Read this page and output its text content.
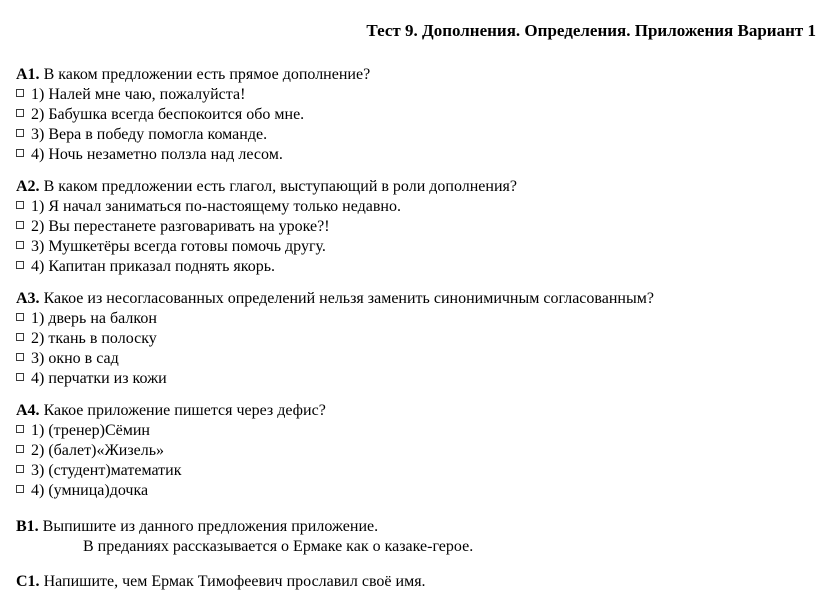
Тест 9. Дополнения. Определения. Приложения Вариант 1

А1. В каком предложении есть прямое дополнение?

1) Налей мне чаю, пожалуйста!
2) Бабушка всегда беспокоится обо мне.
3) Вера в победу помогла команде.
4) Ночь незаметно ползла над лесом.

А2. В каком предложении есть глагол, выступающий в роли дополнения?

1) Я начал заниматься по-настоящему только недавно.
2) Вы перестанете разговаривать на уроке?!
3) Мушкетёры всегда готовы помочь другу.
4) Капитан приказал поднять якорь.

А3. Какое из несогласованных определений нельзя заменить синонимичным согласованным?

1) дверь на балкон
2) ткань в полоску
3) окно в сад
4) перчатки из кожи

А4. Какое приложение пишется через дефис?

1) (тренер)Сёмин
2) (балет)«Жизель»
3) (студент)математик
4) (умница)дочка

В1. Выпишите из данного предложения приложение.

В преданиях рассказывается о Ермаке как о казаке-герое.

С1. Напишите, чем Ермак Тимофеевич прославил своё имя.
